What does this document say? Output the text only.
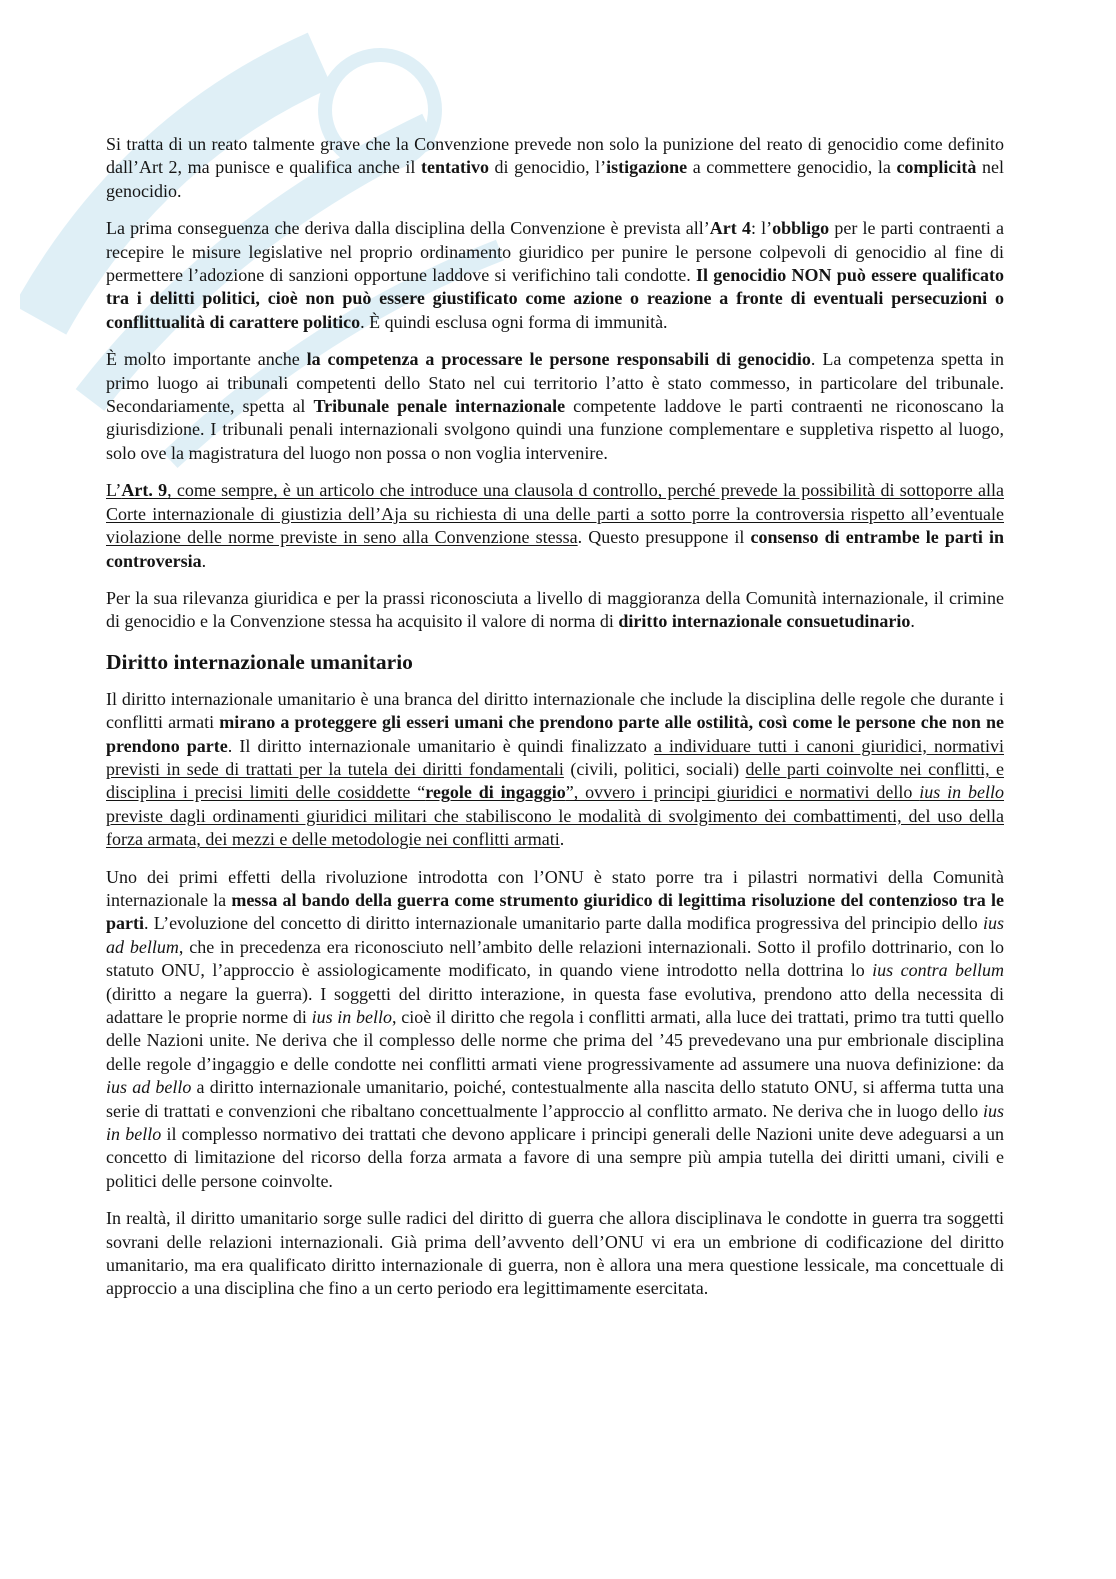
Si tratta di un reato talmente grave che la Convenzione prevede non solo la punizione del reato di genocidio come definito dall’Art 2, ma punisce e qualifica anche il tentativo di genocidio, l’istigazione a commettere genocidio, la complicità nel genocidio.

La prima conseguenza che deriva dalla disciplina della Convenzione è prevista all’Art 4: l’obbligo per le parti contraenti a recepire le misure legislative nel proprio ordinamento giuridico per punire le persone colpevoli di genocidio al fine di permettere l’adozione di sanzioni opportune laddove si verifichino tali condotte. Il genocidio NON può essere qualificato tra i delitti politici, cioè non può essere giustificato come azione o reazione a fronte di eventuali persecuzioni o conflittualità di carattere politico. È quindi esclusa ogni forma di immunità.

È molto importante anche la competenza a processare le persone responsabili di genocidio. La competenza spetta in primo luogo ai tribunali competenti dello Stato nel cui territorio l’atto è stato commesso, in particolare del tribunale. Secondariamente, spetta al Tribunale penale internazionale competente laddove le parti contraenti ne riconoscano la giurisdizione. I tribunali penali internazionali svolgono quindi una funzione complementare e suppletiva rispetto al luogo, solo ove la magistratura del luogo non possa o non voglia intervenire.

L’Art. 9, come sempre, è un articolo che introduce una clausola d controllo, perché prevede la possibilità di sottoporre alla Corte internazionale di giustizia dell’Aja su richiesta di una delle parti a sotto porre la controversia rispetto all’eventuale violazione delle norme previste in seno alla Convenzione stessa. Questo presuppone il consenso di entrambe le parti in controversia.

Per la sua rilevanza giuridica e per la prassi riconosciuta a livello di maggioranza della Comunità internazionale, il crimine di genocidio e la Convenzione stessa ha acquisito il valore di norma di diritto internazionale consuetudinario.

Diritto internazionale umanitario

Il diritto internazionale umanitario è una branca del diritto internazionale che include la disciplina delle regole che durante i conflitti armati mirano a proteggere gli esseri umani che prendono parte alle ostilità, così come le persone che non ne prendono parte. Il diritto internazionale umanitario è quindi finalizzato a individuare tutti i canoni giuridici, normativi previsti in sede di trattati per la tutela dei diritti fondamentali (civili, politici, sociali) delle parti coinvolte nei conflitti, e disciplina i precisi limiti delle cosiddette “regole di ingaggio”, ovvero i principi giuridici e normativi dello ius in bello previste dagli ordinamenti giuridici militari che stabiliscono le modalità di svolgimento dei combattimenti, del uso della forza armata, dei mezzi e delle metodologie nei conflitti armati.

Uno dei primi effetti della rivoluzione introdotta con l’ONU è stato porre tra i pilastri normativi della Comunità internazionale la messa al bando della guerra come strumento giuridico di legittima risoluzione del contenzioso tra le parti. L’evoluzione del concetto di diritto internazionale umanitario parte dalla modifica progressiva del principio dello ius ad bellum, che in precedenza era riconosciuto nell’ambito delle relazioni internazionali. Sotto il profilo dottrinario, con lo statuto ONU, l’approccio è assiologicamente modificato, in quando viene introdotto nella dottrina lo ius contra bellum (diritto a negare la guerra). I soggetti del diritto interazione, in questa fase evolutiva, prendono atto della necessita di adattare le proprie norme di ius in bello, cioè il diritto che regola i conflitti armati, alla luce dei trattati, primo tra tutti quello delle Nazioni unite. Ne deriva che il complesso delle norme che prima del ’45 prevedevano una pur embrionale disciplina delle regole d’ingaggio e delle condotte nei conflitti armati viene progressivamente ad assumere una nuova definizione: da ius ad bello a diritto internazionale umanitario, poiché, contestualmente alla nascita dello statuto ONU, si afferma tutta una serie di trattati e convenzioni che ribaltano concettualmente l’approccio al conflitto armato. Ne deriva che in luogo dello ius in bello il complesso normativo dei trattati che devono applicare i principi generali delle Nazioni unite deve adeguarsi a un concetto di limitazione del ricorso della forza armata a favore di una sempre più ampia tutella dei diritti umani, civili e politici delle persone coinvolte.

In realtà, il diritto umanitario sorge sulle radici del diritto di guerra che allora disciplinava le condotte in guerra tra soggetti sovrani delle relazioni internazionali. Già prima dell’avvento dell’ONU vi era un embrione di codificazione del diritto umanitario, ma era qualificato diritto internazionale di guerra, non è allora una mera questione lessicale, ma concettuale di approccio a una disciplina che fino a un certo periodo era legittimamente esercitata.
